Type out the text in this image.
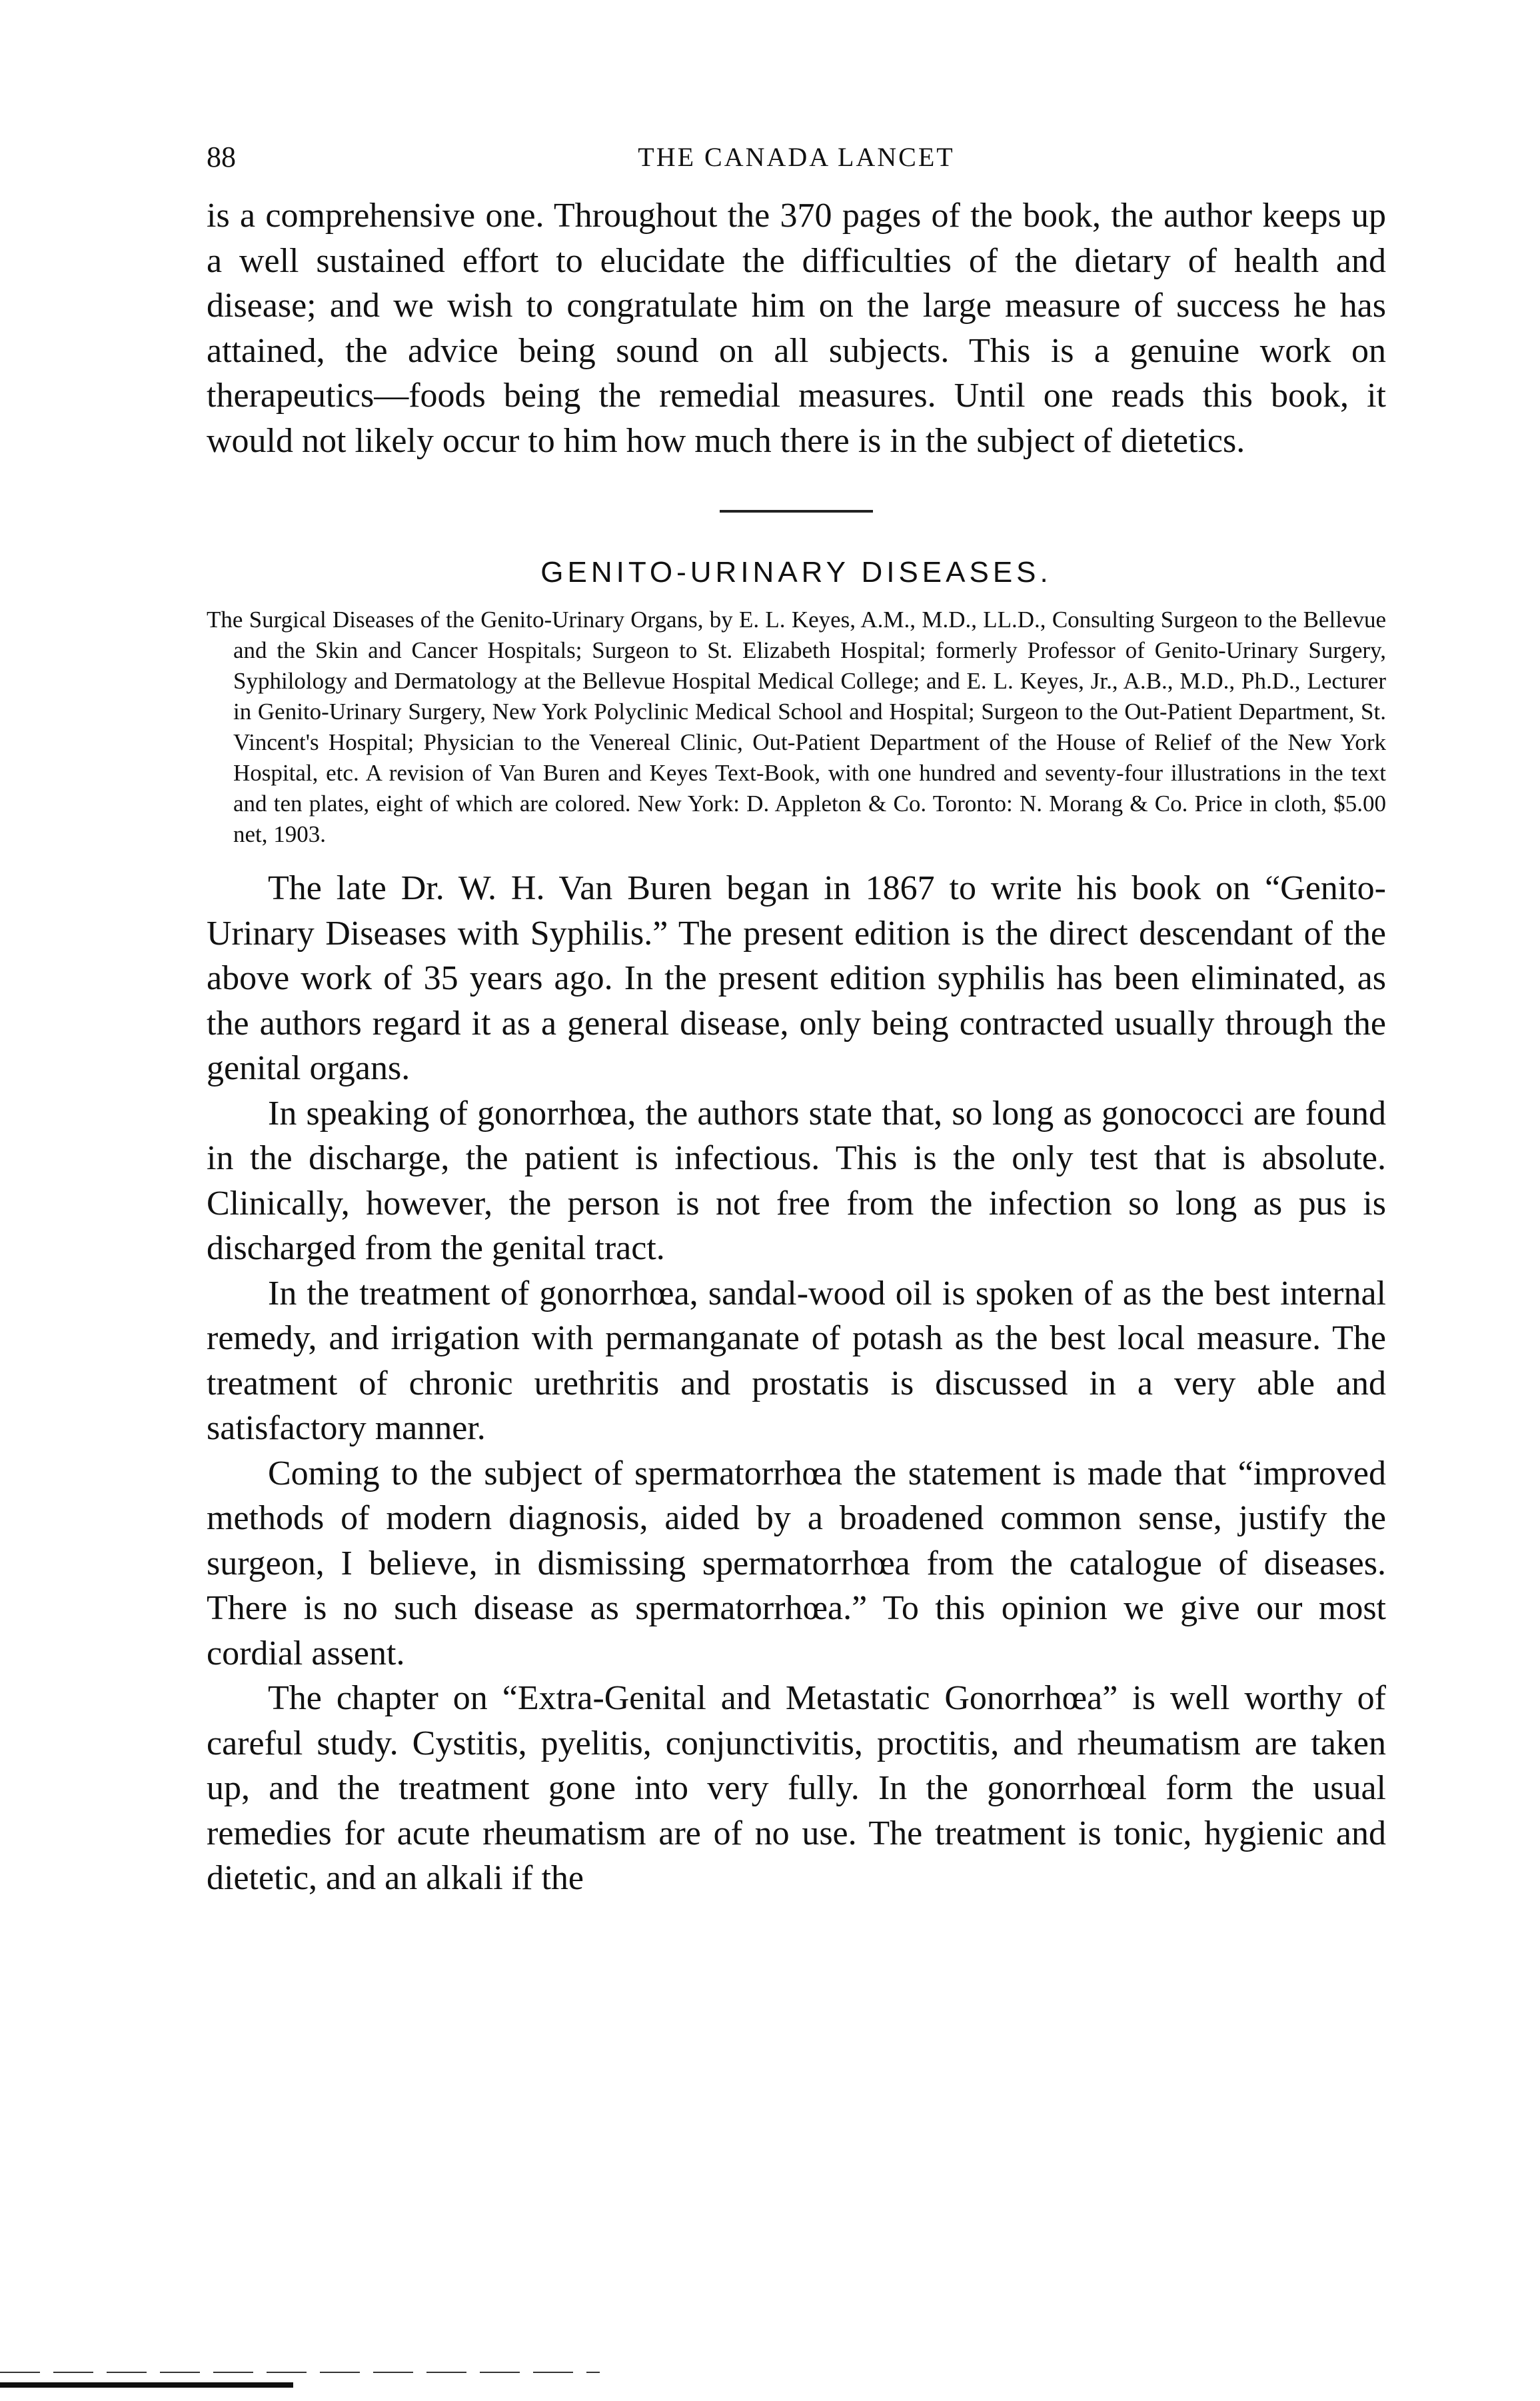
88	THE CANADA LANCET

is a comprehensive one. Throughout the 370 pages of the book, the author keeps up a well sustained effort to elucidate the difficulties of the dietary of health and disease; and we wish to congratulate him on the large measure of success he has attained, the advice being sound on all subjects. This is a genuine work on therapeutics—foods being the remedial measures. Until one reads this book, it would not likely occur to him how much there is in the subject of dietetics.

GENITO-URINARY DISEASES.

The Surgical Diseases of the Genito-Urinary Organs, by E. L. Keyes, A.M., M.D., LL.D., Consulting Surgeon to the Bellevue and the Skin and Cancer Hospitals; Surgeon to St. Elizabeth Hospital; formerly Professor of Genito-Urinary Surgery, Syphilology and Dermatology at the Bellevue Hospital Medical College; and E. L. Keyes, Jr., A.B., M.D., Ph.D., Lecturer in Genito-Urinary Surgery, New York Polyclinic Medical School and Hospital; Surgeon to the Out-Patient Department, St. Vincent's Hospital; Physician to the Venereal Clinic, Out-Patient Department of the House of Relief of the New York Hospital, etc. A revision of Van Buren and Keyes Text-Book, with one hundred and seventy-four illustrations in the text and ten plates, eight of which are colored. New York: D. Appleton & Co. Toronto: N. Morang & Co. Price in cloth, $5.00 net, 1903.

The late Dr. W. H. Van Buren began in 1867 to write his book on “Genito-Urinary Diseases with Syphilis.” The present edition is the direct descendant of the above work of 35 years ago. In the present edition syphilis has been eliminated, as the authors regard it as a general disease, only being contracted usually through the genital organs.

In speaking of gonorrhœa, the authors state that, so long as gonococci are found in the discharge, the patient is infectious. This is the only test that is absolute. Clinically, however, the person is not free from the infection so long as pus is discharged from the genital tract.

In the treatment of gonorrhœa, sandal-wood oil is spoken of as the best internal remedy, and irrigation with permanganate of potash as the best local measure. The treatment of chronic urethritis and prostatis is discussed in a very able and satisfactory manner.

Coming to the subject of spermatorrhœa the statement is made that “improved methods of modern diagnosis, aided by a broadened common sense, justify the surgeon, I believe, in dismissing spermatorrhœa from the catalogue of diseases. There is no such disease as spermatorrhœa.” To this opinion we give our most cordial assent.

The chapter on “Extra-Genital and Metastatic Gonorrhœa” is well worthy of careful study. Cystitis, pyelitis, conjunctivitis, proctitis, and rheumatism are taken up, and the treatment gone into very fully. In the gonorrhœal form the usual remedies for acute rheumatism are of no use. The treatment is tonic, hygienic and dietetic, and an alkali if the
